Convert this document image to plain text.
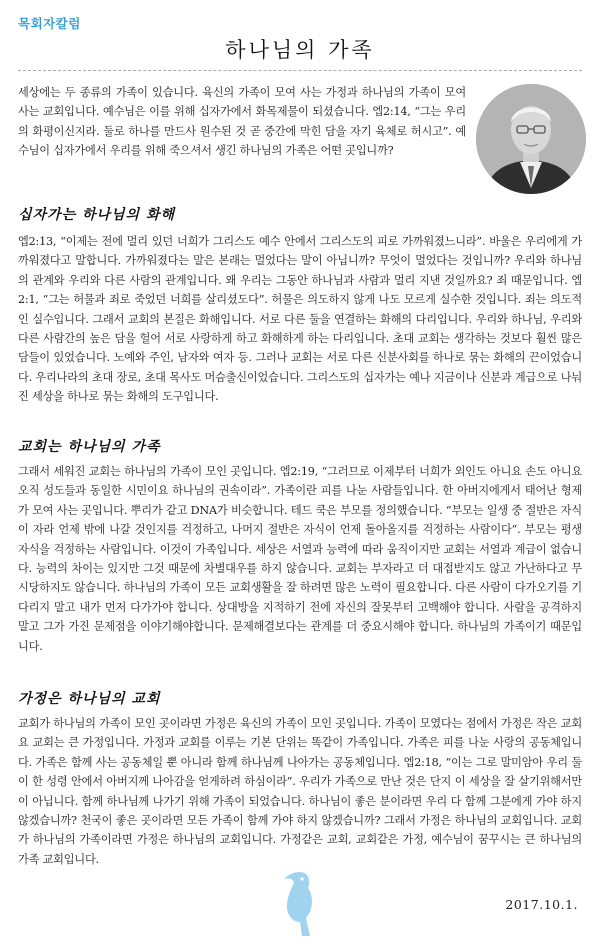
목회자칼럼
하나님의 가족

세상에는 두 종류의 가족이 있습니다. 육신의 가족이 모여 사는 가정과 하나님의 가족이 모여 사는 교회입니다. 예수님은 이를 위해 십자가에서 화목제물이 되셨습니다. 엡2:14, “그는 우리의 화평이신지라. 둘로 하나를 만드사 원수된 것 곧 중간에 막힌 담을 자기 육체로 허시고”. 예수님이 십자가에서 우리를 위해 죽으셔서 생긴 하나님의 가족은 어떤 곳입니까?

십자가는 하나님의 화해

엡2:13, “이제는 전에 멀리 있던 너희가 그리스도 예수 안에서 그리스도의 피로 가까워졌느니라”. 바울은 우리에게 가까워졌다고 말합니다. 가까워졌다는 말은 본래는 멀었다는 말이 아닙니까? 무엇이 멀었다는 것입니까? 우리와 하나님의 관계와 우리와 다른 사람의 관계입니다. 왜 우리는 그동안 하나님과 사람과 멀리 지낸 것일까요? 죄 때문입니다. 엡2:1, “그는 허물과 죄로 죽었던 너희를 살리셨도다”. 허물은 의도하지 않게 나도 모르게 실수한 것입니다. 죄는 의도적인 실수입니다. 그래서 교회의 본질은 화해입니다. 서로 다른 둘을 연결하는 화해의 다리입니다. 우리와 하나님, 우리와 다른 사람간의 높은 담을 헐어 서로 사랑하게 하고 화해하게 하는 다리입니다. 초대 교회는 생각하는 것보다 훨씬 많은 담들이 있었습니다. 노예와 주인, 남자와 여자 등. 그러나 교회는 서로 다른 신분사회를 하나로 묶는 화해의 끈이었습니다. 우리나라의 초대 장로, 초대 목사도 머슴출신이었습니다. 그리스도의 십자가는 예나 지금이나 신분과 계급으로 나눠진 세상을 하나로 묶는 화해의 도구입니다.

교회는 하나님의 가족

그래서 세워진 교회는 하나님의 가족이 모인 곳입니다. 엡2:19, “그러므로 이제부터 너희가 외인도 아니요 손도 아니요 오직 성도들과 동일한 시민이요 하나님의 권속이라”. 가족이란 피를 나눈 사람들입니다. 한 아버지에게서 태어난 형제가 모여 사는 곳입니다. 뿌리가 같고 DNA가 비슷합니다. 테드 쿡은 부모를 정의했습니다. “부모는 일생 중 절반은 자식이 자라 언제 밖에 나갈 것인지를 걱정하고, 나머지 절반은 자식이 언제 돌아올지를 걱정하는 사람이다”. 부모는 평생 자식을 걱정하는 사람입니다. 이것이 가족입니다. 세상은 서열과 능력에 따라 움직이지만 교회는 서열과 계급이 없습니다. 능력의 차이는 있지만 그것 때문에 차별대우를 하지 않습니다. 교회는 부자라고 더 대접받지도 않고 가난하다고 무시당하지도 않습니다. 하나님의 가족이 모든 교회생활을 잘 하려면 많은 노력이 필요합니다. 다른 사람이 다가오기를 기다리지 말고 내가 먼저 다가가야 합니다. 상대방을 지적하기 전에 자신의 잘못부터 고백해야 합니다. 사람을 공격하지 말고 그가 가진 문제점을 이야기해야합니다. 문제해결보다는 관계를 더 중요시해야 합니다. 하나님의 가족이기 때문입니다.

가정은 하나님의 교회

교회가 하나님의 가족이 모인 곳이라면 가정은 육신의 가족이 모인 곳입니다. 가족이 모였다는 점에서 가정은 작은 교회요 교회는 큰 가정입니다. 가정과 교회를 이루는 기본 단위는 똑같이 가족입니다. 가족은 피를 나눈 사랑의 공동체입니다. 가족은 함께 사는 공동체일 뿐 아니라 함께 하나님께 나아가는 공동체입니다. 엡2:18, “이는 그로 말미암아 우리 둘이 한 성령 안에서 아버지께 나아감을 얻게하려 하심이라”. 우리가 가족으로 만난 것은 단지 이 세상을 잘 살기위해서만이 아닙니다. 함께 하나님께 나가기 위해 가족이 되었습니다. 하나님이 좋은 분이라면 우리 다 함께 그분에게 가야 하지 않겠습니까? 천국이 좋은 곳이라면 모든 가족이 함께 가야 하지 않겠습니까? 그래서 가정은 하나님의 교회입니다. 교회가 하나님의 가족이라면 가정은 하나님의 교회입니다. 가정같은 교회, 교회같은 가정, 예수님이 꿈꾸시는 큰 하나님의 가족 교회입니다.

2017.10.1.
